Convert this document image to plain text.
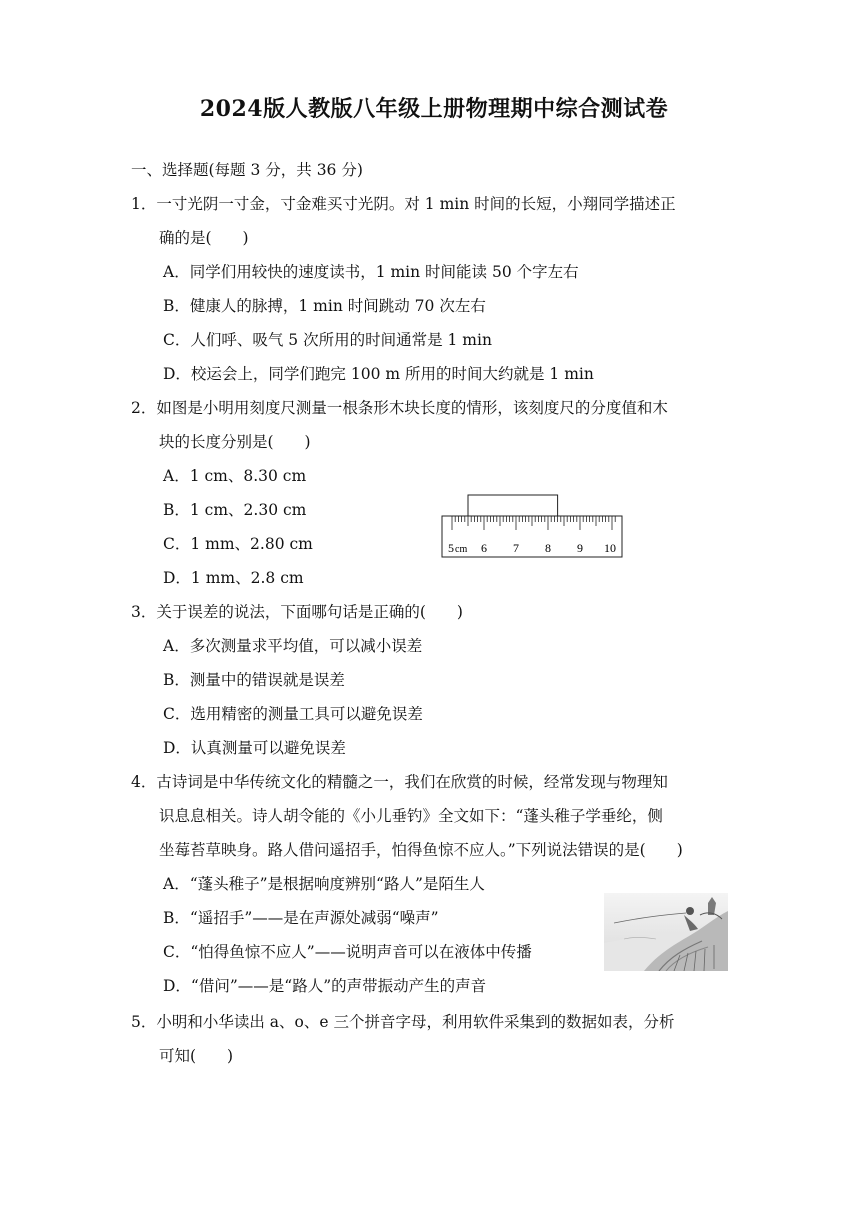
2024版人教版八年级上册物理期中综合测试卷
一、选择题(每题 3 分，共 36 分)
1．一寸光阴一寸金，寸金难买寸光阴。对 1 min 时间的长短，小翔同学描述正
确的是(　　)
A．同学们用较快的速度读书，1 min 时间能读 50 个字左右
B．健康人的脉搏，1 min 时间跳动 70 次左右
C．人们呼、吸气 5 次所用的时间通常是 1 min
D．校运会上，同学们跑完 100 m 所用的时间大约就是 1 min
2．如图是小明用刻度尺测量一根条形木块长度的情形，该刻度尺的分度值和木
块的长度分别是(　　)
A．1 cm、8.30 cm
B．1 cm、2.30 cm
C．1 mm、2.80 cm
D．1 mm、2.8 cm
5 cm 6 7 8 9 10
3．关于误差的说法，下面哪句话是正确的(　　)
A．多次测量求平均值，可以减小误差
B．测量中的错误就是误差
C．选用精密的测量工具可以避免误差
D．认真测量可以避免误差
4．古诗词是中华传统文化的精髓之一，我们在欣赏的时候，经常发现与物理知
识息息相关。诗人胡令能的《小儿垂钓》全文如下：“蓬头稚子学垂纶，侧
坐莓苔草映身。路人借问遥招手，怕得鱼惊不应人。”下列说法错误的是(　　)
A．“蓬头稚子”是根据响度辨别“路人”是陌生人
B．“遥招手”——是在声源处减弱“噪声”
C．“怕得鱼惊不应人”——说明声音可以在液体中传播
D．“借问”——是“路人”的声带振动产生的声音
5．小明和小华读出 a、o、e 三个拼音字母，利用软件采集到的数据如表，分析
可知(　　)
